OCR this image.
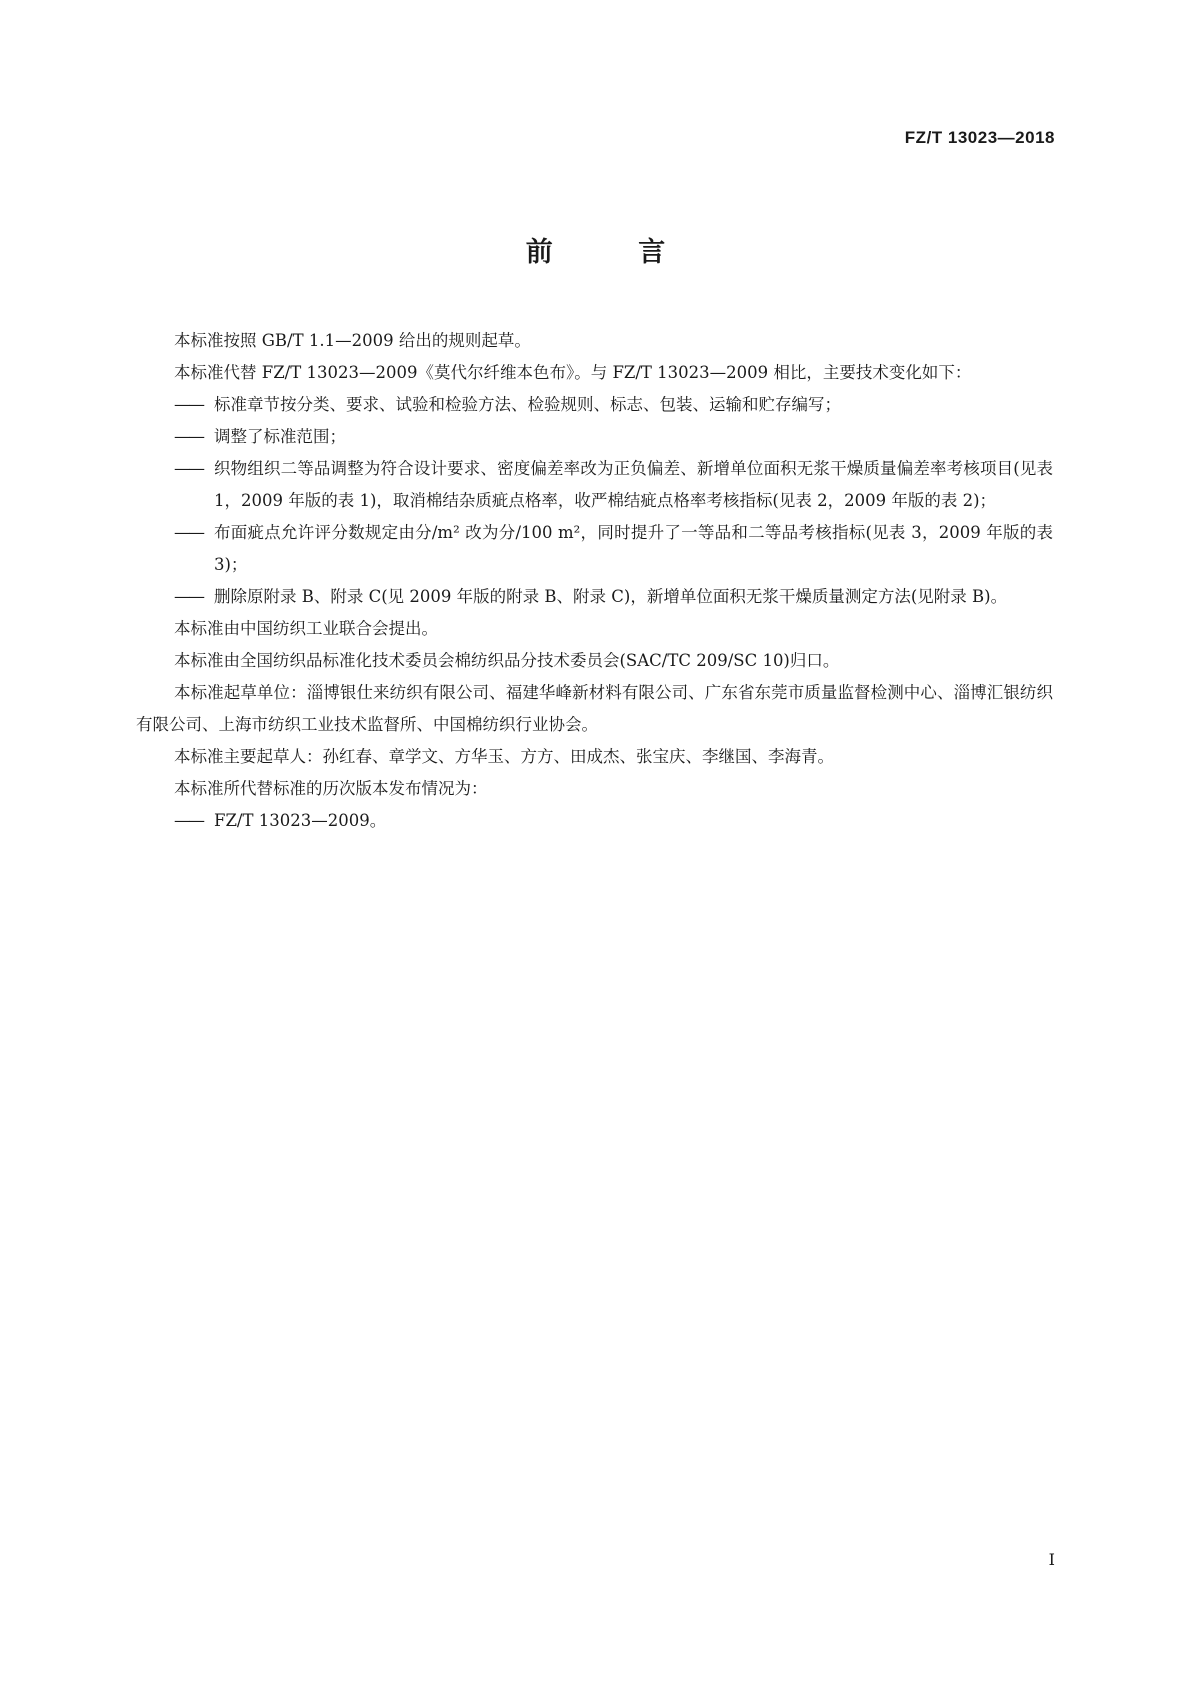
FZ/T 13023—2018
前 言

本标准按照 GB/T 1.1—2009 给出的规则起草。

本标准代替 FZ/T 13023—2009《莫代尔纤维本色布》。与 FZ/T 13023—2009 相比，主要技术变化如下：

—— 标准章节按分类、要求、试验和检验方法、检验规则、标志、包装、运输和贮存编写；

—— 调整了标准范围；

—— 织物组织二等品调整为符合设计要求、密度偏差率改为正负偏差、新增单位面积无浆干燥质量偏差率考核项目(见表 1，2009 年版的表 1)，取消棉结杂质疵点格率，收严棉结疵点格率考核指标(见表 2，2009 年版的表 2)；

—— 布面疵点允许评分数规定由分/m² 改为分/100 m²，同时提升了一等品和二等品考核指标(见表 3，2009 年版的表 3)；

—— 删除原附录 B、附录 C(见 2009 年版的附录 B、附录 C)，新增单位面积无浆干燥质量测定方法(见附录 B)。

本标准由中国纺织工业联合会提出。

本标准由全国纺织品标准化技术委员会棉纺织品分技术委员会(SAC/TC 209/SC 10)归口。

本标准起草单位：淄博银仕来纺织有限公司、福建华峰新材料有限公司、广东省东莞市质量监督检测中心、淄博汇银纺织有限公司、上海市纺织工业技术监督所、中国棉纺织行业协会。

本标准主要起草人：孙红春、章学文、方华玉、方方、田成杰、张宝庆、李继国、李海青。

本标准所代替标准的历次版本发布情况为：

—— FZ/T 13023—2009。

I
